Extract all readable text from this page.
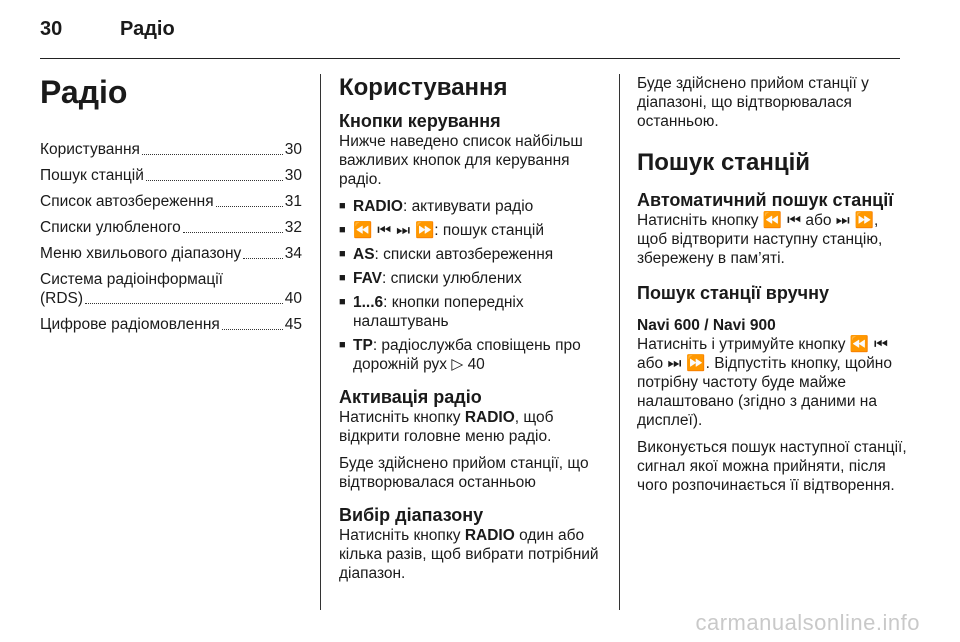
30	Радіо
Радіо
Користування	30
Пошук станцій	30
Список автозбереження	31
Списки улюбленого	32
Меню хвильового діапазону	34
Система радіоінформації
(RDS)	40
Цифрове радіомовлення	45
Користування
Кнопки керування

Нижче наведено список найбільш важливих кнопок для керування радіо.

■ RADIO: активувати радіо
■ ⏪ ⏮ ⏭ ⏩: пошук станцій
■ AS: списки автозбереження
■ FAV: списки улюблених
■ 1...6: кнопки попередніх налаштувань
■ TP: радіослужба сповіщень про дорожній рух ▷ 40
Активація радіо

Натисніть кнопку RADIO, щоб відкрити головне меню радіо.

Буде здійснено прийом станції, що відтворювалася останньою

Вибір діапазону

Натисніть кнопку RADIO один або кілька разів, щоб вибрати потрібний діапазон.

Буде здійснено прийом станції у діапазоні, що відтворювалася останньою.

Пошук станцій
Автоматичний пошук станції

Натисніть кнопку ⏪ ⏮ або ⏭ ⏩, щоб відтворити наступну станцію, збережену в пам’яті.

Пошук станції вручну
Navi 600 / Navi 900

Натисніть і утримуйте кнопку ⏪ ⏮ або ⏭ ⏩. Відпустіть кнопку, щойно потрібну частоту буде майже налаштовано (згідно з даними на дисплеї).

Виконується пошук наступної станції, сигнал якої можна прийняти, після чого розпочинається її відтворення.

carmanualsonline.info
